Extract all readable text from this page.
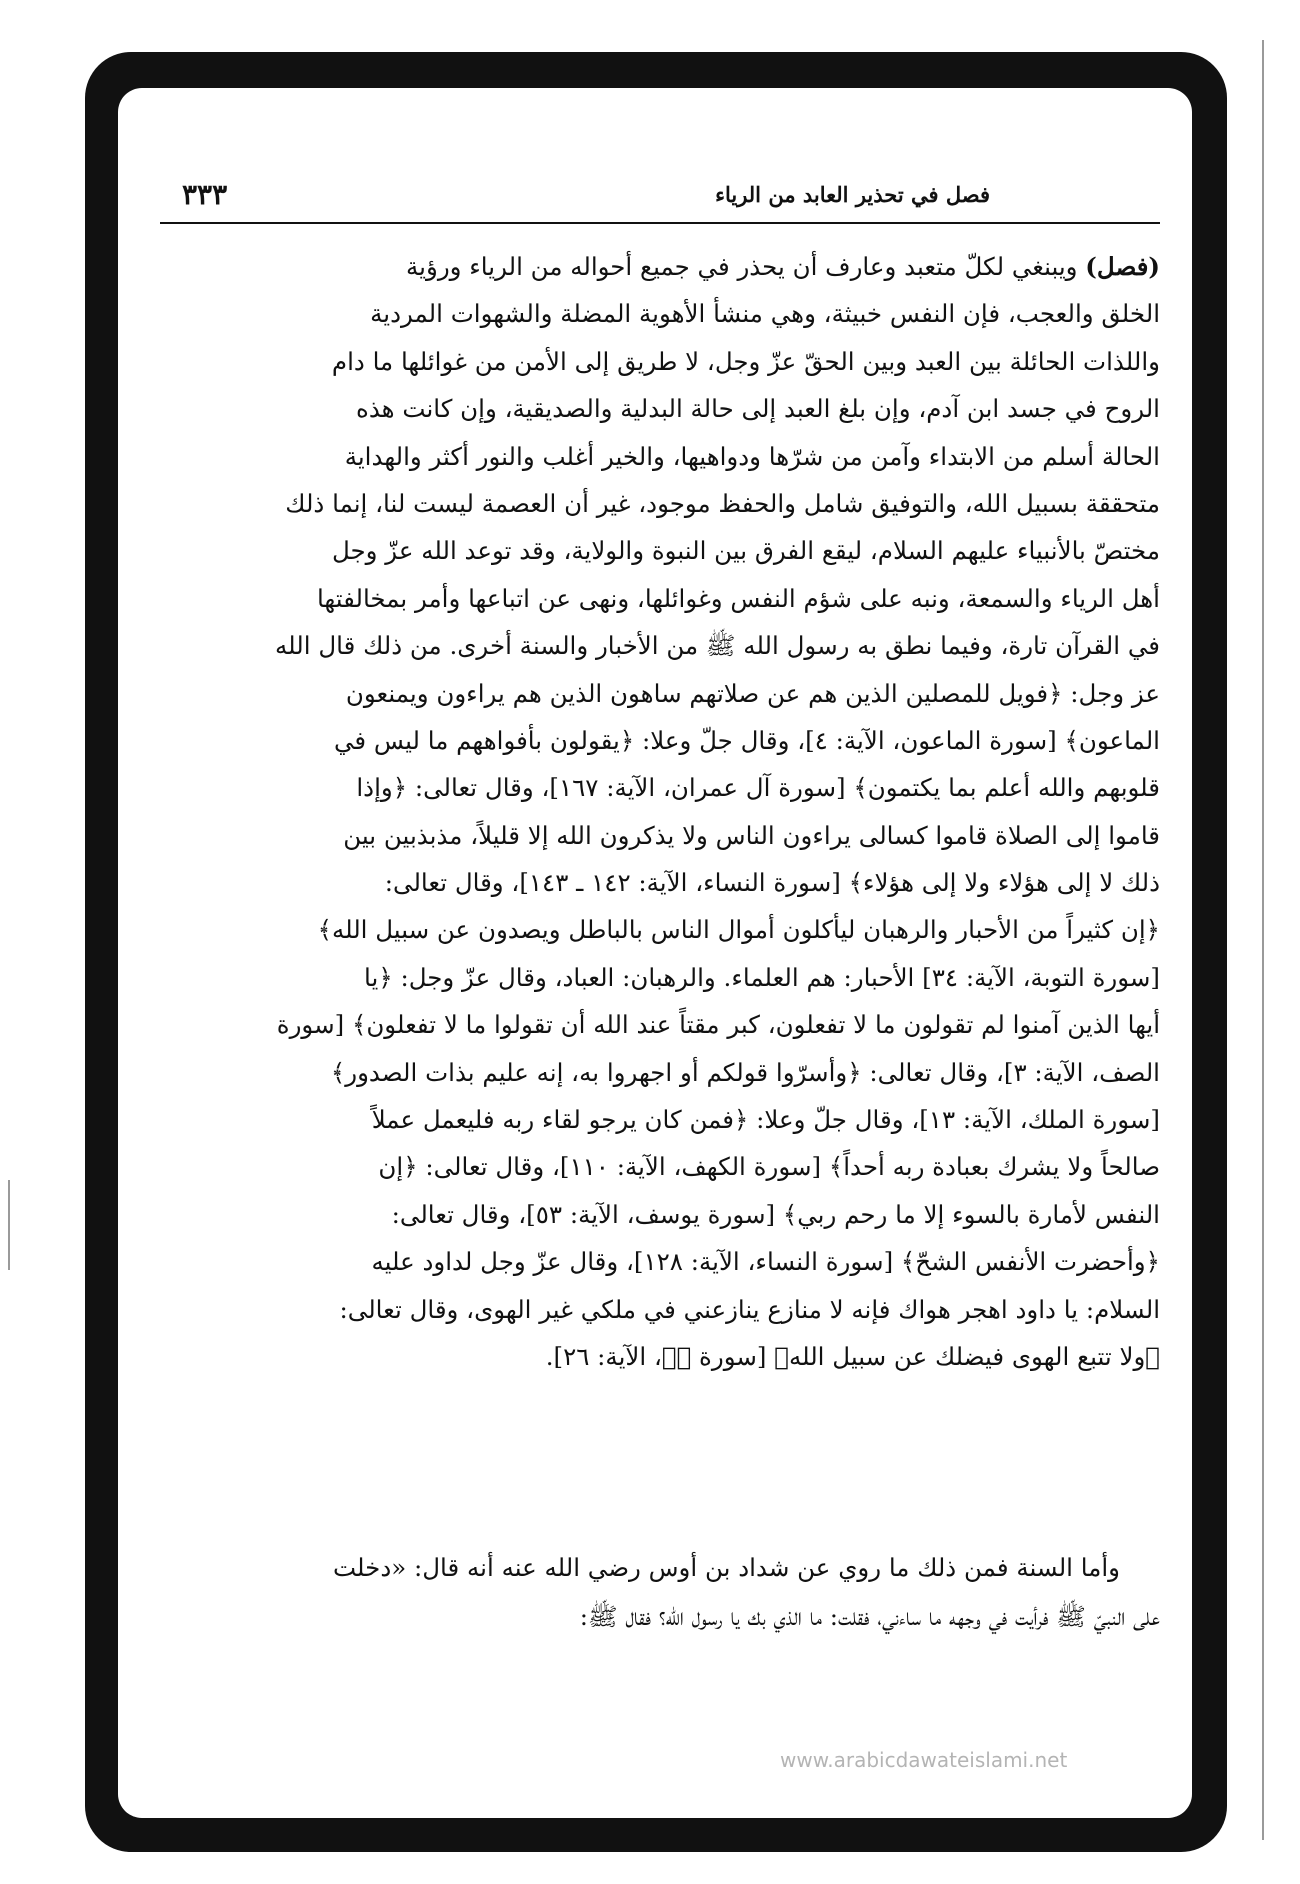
٣٣٣	فصل في تحذير العابد من الرياء
(فصل) ويبنغي لكلّ متعبد وعارف أن يحذر في جميع أحواله من الرياء ورؤية
الخلق والعجب، فإن النفس خبيثة، وهي منشأ الأهوية المضلة والشهوات المردية
واللذات الحائلة بين العبد وبين الحقّ عزّ وجل، لا طريق إلى الأمن من غوائلها ما دام
الروح في جسد ابن آدم، وإن بلغ العبد إلى حالة البدلية والصديقية، وإن كانت هذه
الحالة أسلم من الابتداء وآمن من شرّها ودواهيها، والخير أغلب والنور أكثر والهداية
متحققة بسبيل الله، والتوفيق شامل والحفظ موجود، غير أن العصمة ليست لنا، إنما ذلك
مختصّ بالأنبياء عليهم السلام، ليقع الفرق بين النبوة والولاية، وقد توعد الله عزّ وجل
أهل الرياء والسمعة، ونبه على شؤم النفس وغوائلها، ونهى عن اتباعها وأمر بمخالفتها
في القرآن تارة، وفيما نطق به رسول الله ﷺ من الأخبار والسنة أخرى. من ذلك قال الله
عز وجل: ﴿فويل للمصلين الذين هم عن صلاتهم ساهون الذين هم يراءون ويمنعون
الماعون﴾ [سورة الماعون، الآية: ٤]، وقال جلّ وعلا: ﴿يقولون بأفواههم ما ليس في
قلوبهم والله أعلم بما يكتمون﴾ [سورة آل عمران، الآية: ١٦٧]، وقال تعالى: ﴿وإذا
قاموا إلى الصلاة قاموا كسالى يراءون الناس ولا يذكرون الله إلا قليلاً، مذبذبين بين
ذلك لا إلى هؤلاء ولا إلى هؤلاء﴾ [سورة النساء، الآية: ١٤٢ ـ ١٤٣]، وقال تعالى:
﴿إن كثيراً من الأحبار والرهبان ليأكلون أموال الناس بالباطل ويصدون عن سبيل الله﴾
[سورة التوبة، الآية: ٣٤] الأحبار: هم العلماء. والرهبان: العباد، وقال عزّ وجل: ﴿يا
أيها الذين آمنوا لم تقولون ما لا تفعلون، كبر مقتاً عند الله أن تقولوا ما لا تفعلون﴾ [سورة
الصف، الآية: ٣]، وقال تعالى: ﴿وأسرّوا قولكم أو اجهروا به، إنه عليم بذات الصدور﴾
[سورة الملك، الآية: ١٣]، وقال جلّ وعلا: ﴿فمن كان يرجو لقاء ربه فليعمل عملاً
صالحاً ولا يشرك بعبادة ربه أحداً﴾ [سورة الكهف، الآية: ١١٠]، وقال تعالى: ﴿إن
النفس لأمارة بالسوء إلا ما رحم ربي﴾ [سورة يوسف، الآية: ٥٣]، وقال تعالى:
﴿وأحضرت الأنفس الشحّ﴾ [سورة النساء، الآية: ١٢٨]، وقال عزّ وجل لداود عليه
السلام: يا داود اهجر هواك فإنه لا منازع ينازعني في ملكي غير الهوى، وقال تعالى:
﴿ولا تتبع الهوى فيضلك عن سبيل الله﴾ [سورة صۤ، الآية: ٢٦].
وأما السنة فمن ذلك ما روي عن شداد بن أوس رضي الله عنه أنه قال: «دخلت
على النبيّ ﷺ فرأيت في وجهه ما ساءني، فقلت: ما الذي بك يا رسول الله؟ فقال ﷺ:
www.arabicdawateislami.net
